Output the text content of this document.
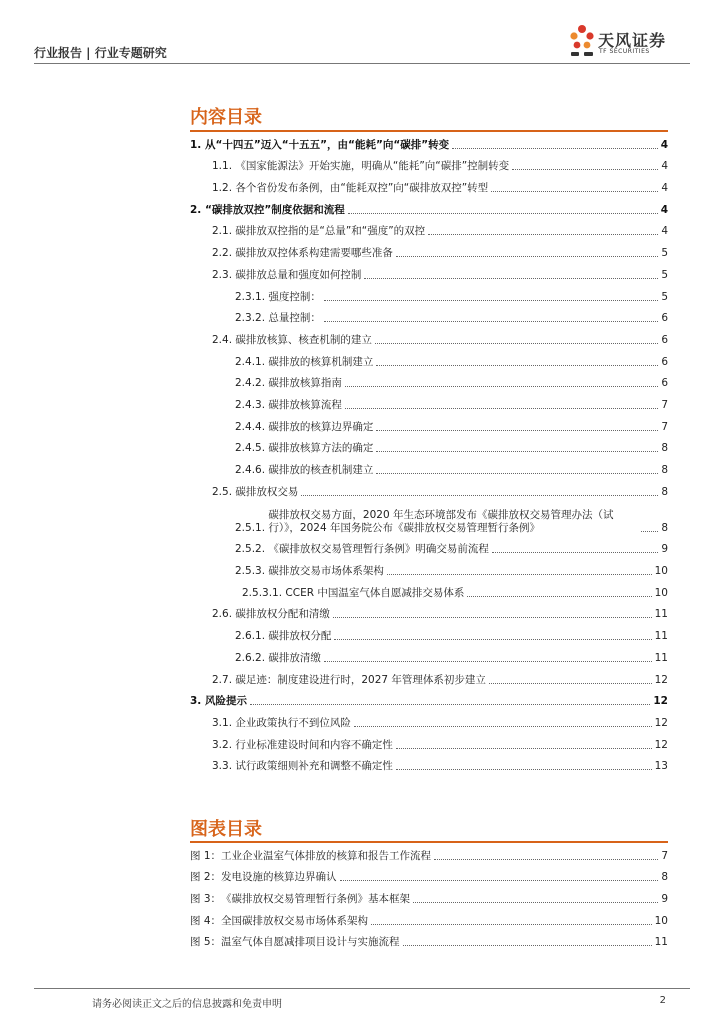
行业报告 | 行业专题研究
天风证券
TF SECURITIES
内容目录
1. 从“十四五”迈入“十五五”，由“能耗”向“碳排”转变	4
1.1. 《国家能源法》开始实施，明确从“能耗”向“碳排”控制转变	4
1.2. 各个省份发布条例，由“能耗双控”向“碳排放双控”转型	4
2. “碳排放双控”制度依据和流程	4
2.1. 碳排放双控指的是“总量”和“强度”的双控	4
2.2. 碳排放双控体系构建需要哪些准备	5
2.3. 碳排放总量和强度如何控制	5
2.3.1. 强度控制：	5
2.3.2. 总量控制：	6
2.4. 碳排放核算、核查机制的建立	6
2.4.1. 碳排放的核算机制建立	6
2.4.2. 碳排放核算指南	6
2.4.3. 碳排放核算流程	7
2.4.4. 碳排放的核算边界确定	7
2.4.5. 碳排放核算方法的确定	8
2.4.6. 碳排放的核查机制建立	8
2.5. 碳排放权交易	8
2.5.1.
碳排放权交易方面，2020 年生态环境部发布《碳排放权交易管理办法（试行）》，2024 年国务院公布《碳排放权交易管理暂行条例》	8
2.5.2. 《碳排放权交易管理暂行条例》明确交易前流程	9
2.5.3. 碳排放交易市场体系架构	10
2.5.3.1. CCER 中国温室气体自愿减排交易体系	10
2.6. 碳排放权分配和清缴	11
2.6.1. 碳排放权分配	11
2.6.2. 碳排放清缴	11
2.7. 碳足迹：制度建设进行时，2027 年管理体系初步建立	12
3. 风险提示	12
3.1. 企业政策执行不到位风险	12
3.2. 行业标准建设时间和内容不确定性	12
3.3. 试行政策细则补充和调整不确定性	13
图表目录
图 1： 工业企业温室气体排放的核算和报告工作流程	7
图 2： 发电设施的核算边界确认	8
图 3： 《碳排放权交易管理暂行条例》基本框架	9
图 4： 全国碳排放权交易市场体系架构	10
图 5： 温室气体自愿减排项目设计与实施流程	11
请务必阅读正文之后的信息披露和免责申明	2
